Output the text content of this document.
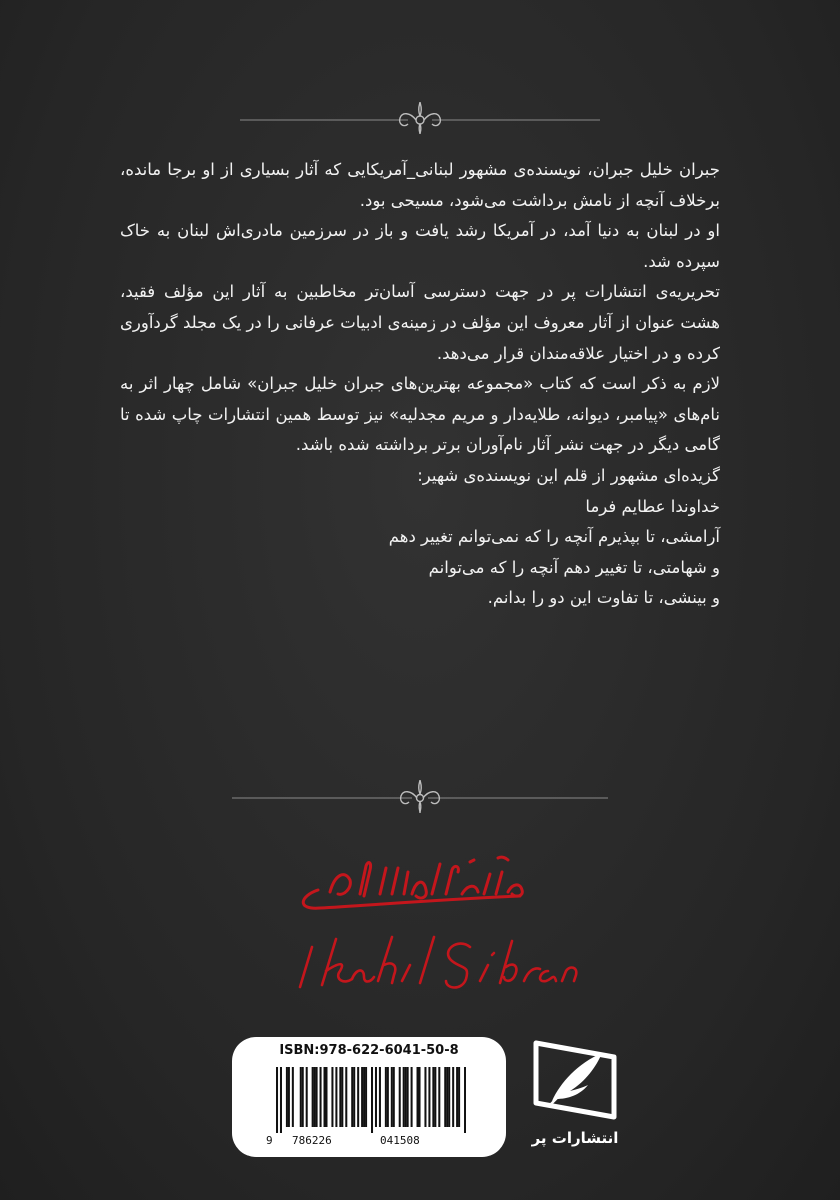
جبران خلیل جبران، نویسنده‌ی مشهور لبنانی_آمریکایی که آثار بسیاری از او برجا مانده، برخلاف آنچه از نامش برداشت می‌شود، مسیحی بود.

او در لبنان به دنیا آمد، در آمریکا رشد یافت و باز در سرزمین مادری‌اش لبنان به خاک سپرده شد.

تحریریه‌ی انتشارات پر در جهت دسترسی آسان‌تر مخاطبین به آثار این مؤلف فقید، هشت عنوان از آثار معروف این مؤلف در زمینه‌ی ادبیات عرفانی را در یک مجلد گردآوری کرده و در اختیار علاقه‌مندان قرار می‌دهد.

لازم به ذکر است که کتاب «مجموعه بهترین‌های جبران خلیل جبران» شامل چهار اثر به نام‌های «پیامبر، دیوانه، طلایه‌دار و مریم مجدلیه» نیز توسط همین انتشارات چاپ شده تا گامی دیگر در جهت نشر آثار نام‌آوران برتر برداشته شده باشد.

گزیده‌ای مشهور از قلم این نویسنده‌ی شهیر:

خداوندا عطایم فرما

آرامشی، تا بپذیرم آنچه را که نمی‌توانم تغییر دهم

و شهامتی، تا تغییر دهم آنچه را که می‌توانم

و بینشی، تا تفاوت این دو را بدانم.

ISBN:978-622-6041-50-8
9 786226	041508	انتشارات پر
